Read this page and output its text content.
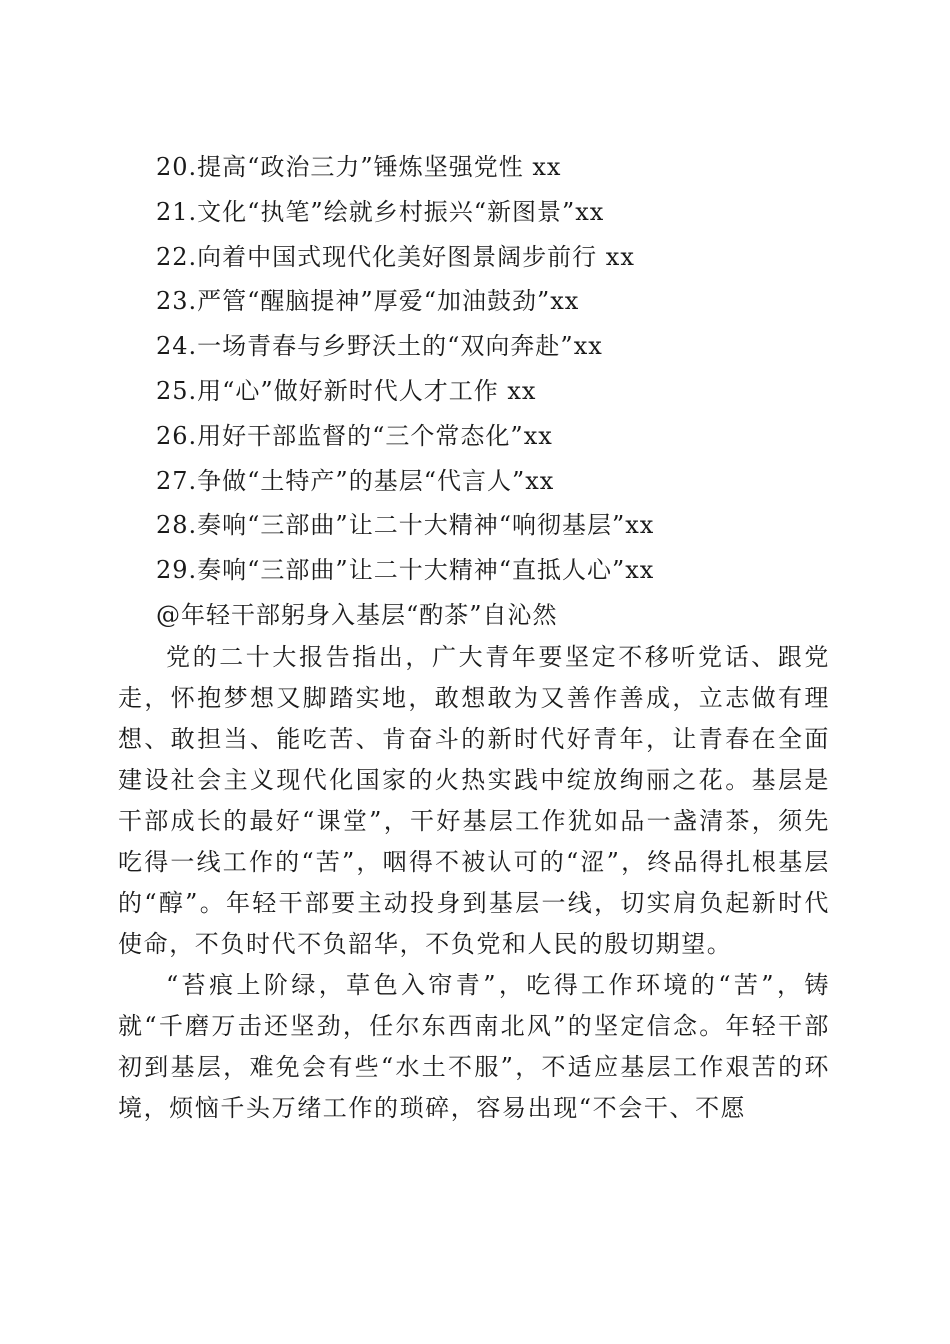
20.提高“政治三力”锤炼坚强党性 xx
21.文化“执笔”绘就乡村振兴“新图景”xx
22.向着中国式现代化美好图景阔步前行 xx
23.严管“醒脑提神”厚爱“加油鼓劲”xx
24.一场青春与乡野沃土的“双向奔赴”xx
25.用“心”做好新时代人才工作 xx
26.用好干部监督的“三个常态化”xx
27.争做“土特产”的基层“代言人”xx
28.奏响“三部曲”让二十大精神“响彻基层”xx
29.奏响“三部曲”让二十大精神“直抵人心”xx
@年轻干部躬身入基层“酌茶”自沁然

党的二十大报告指出，广大青年要坚定不移听党话、跟党走，怀抱梦想又脚踏实地，敢想敢为又善作善成，立志做有理想、敢担当、能吃苦、肯奋斗的新时代好青年，让青春在全面建设社会主义现代化国家的火热实践中绽放绚丽之花。基层是干部成长的最好“课堂”，干好基层工作犹如品一盏清茶，须先吃得一线工作的“苦”，咽得不被认可的“涩”，终品得扎根基层的“醇”。年轻干部要主动投身到基层一线，切实肩负起新时代使命，不负时代不负韶华，不负党和人民的殷切期望。

“苔痕上阶绿，草色入帘青”，吃得工作环境的“苦”，铸就“千磨万击还坚劲，任尔东西南北风”的坚定信念。年轻干部初到基层，难免会有些“水土不服”，不适应基层工作艰苦的环境，烦恼千头万绪工作的琐碎，容易出现“不会干、不愿
